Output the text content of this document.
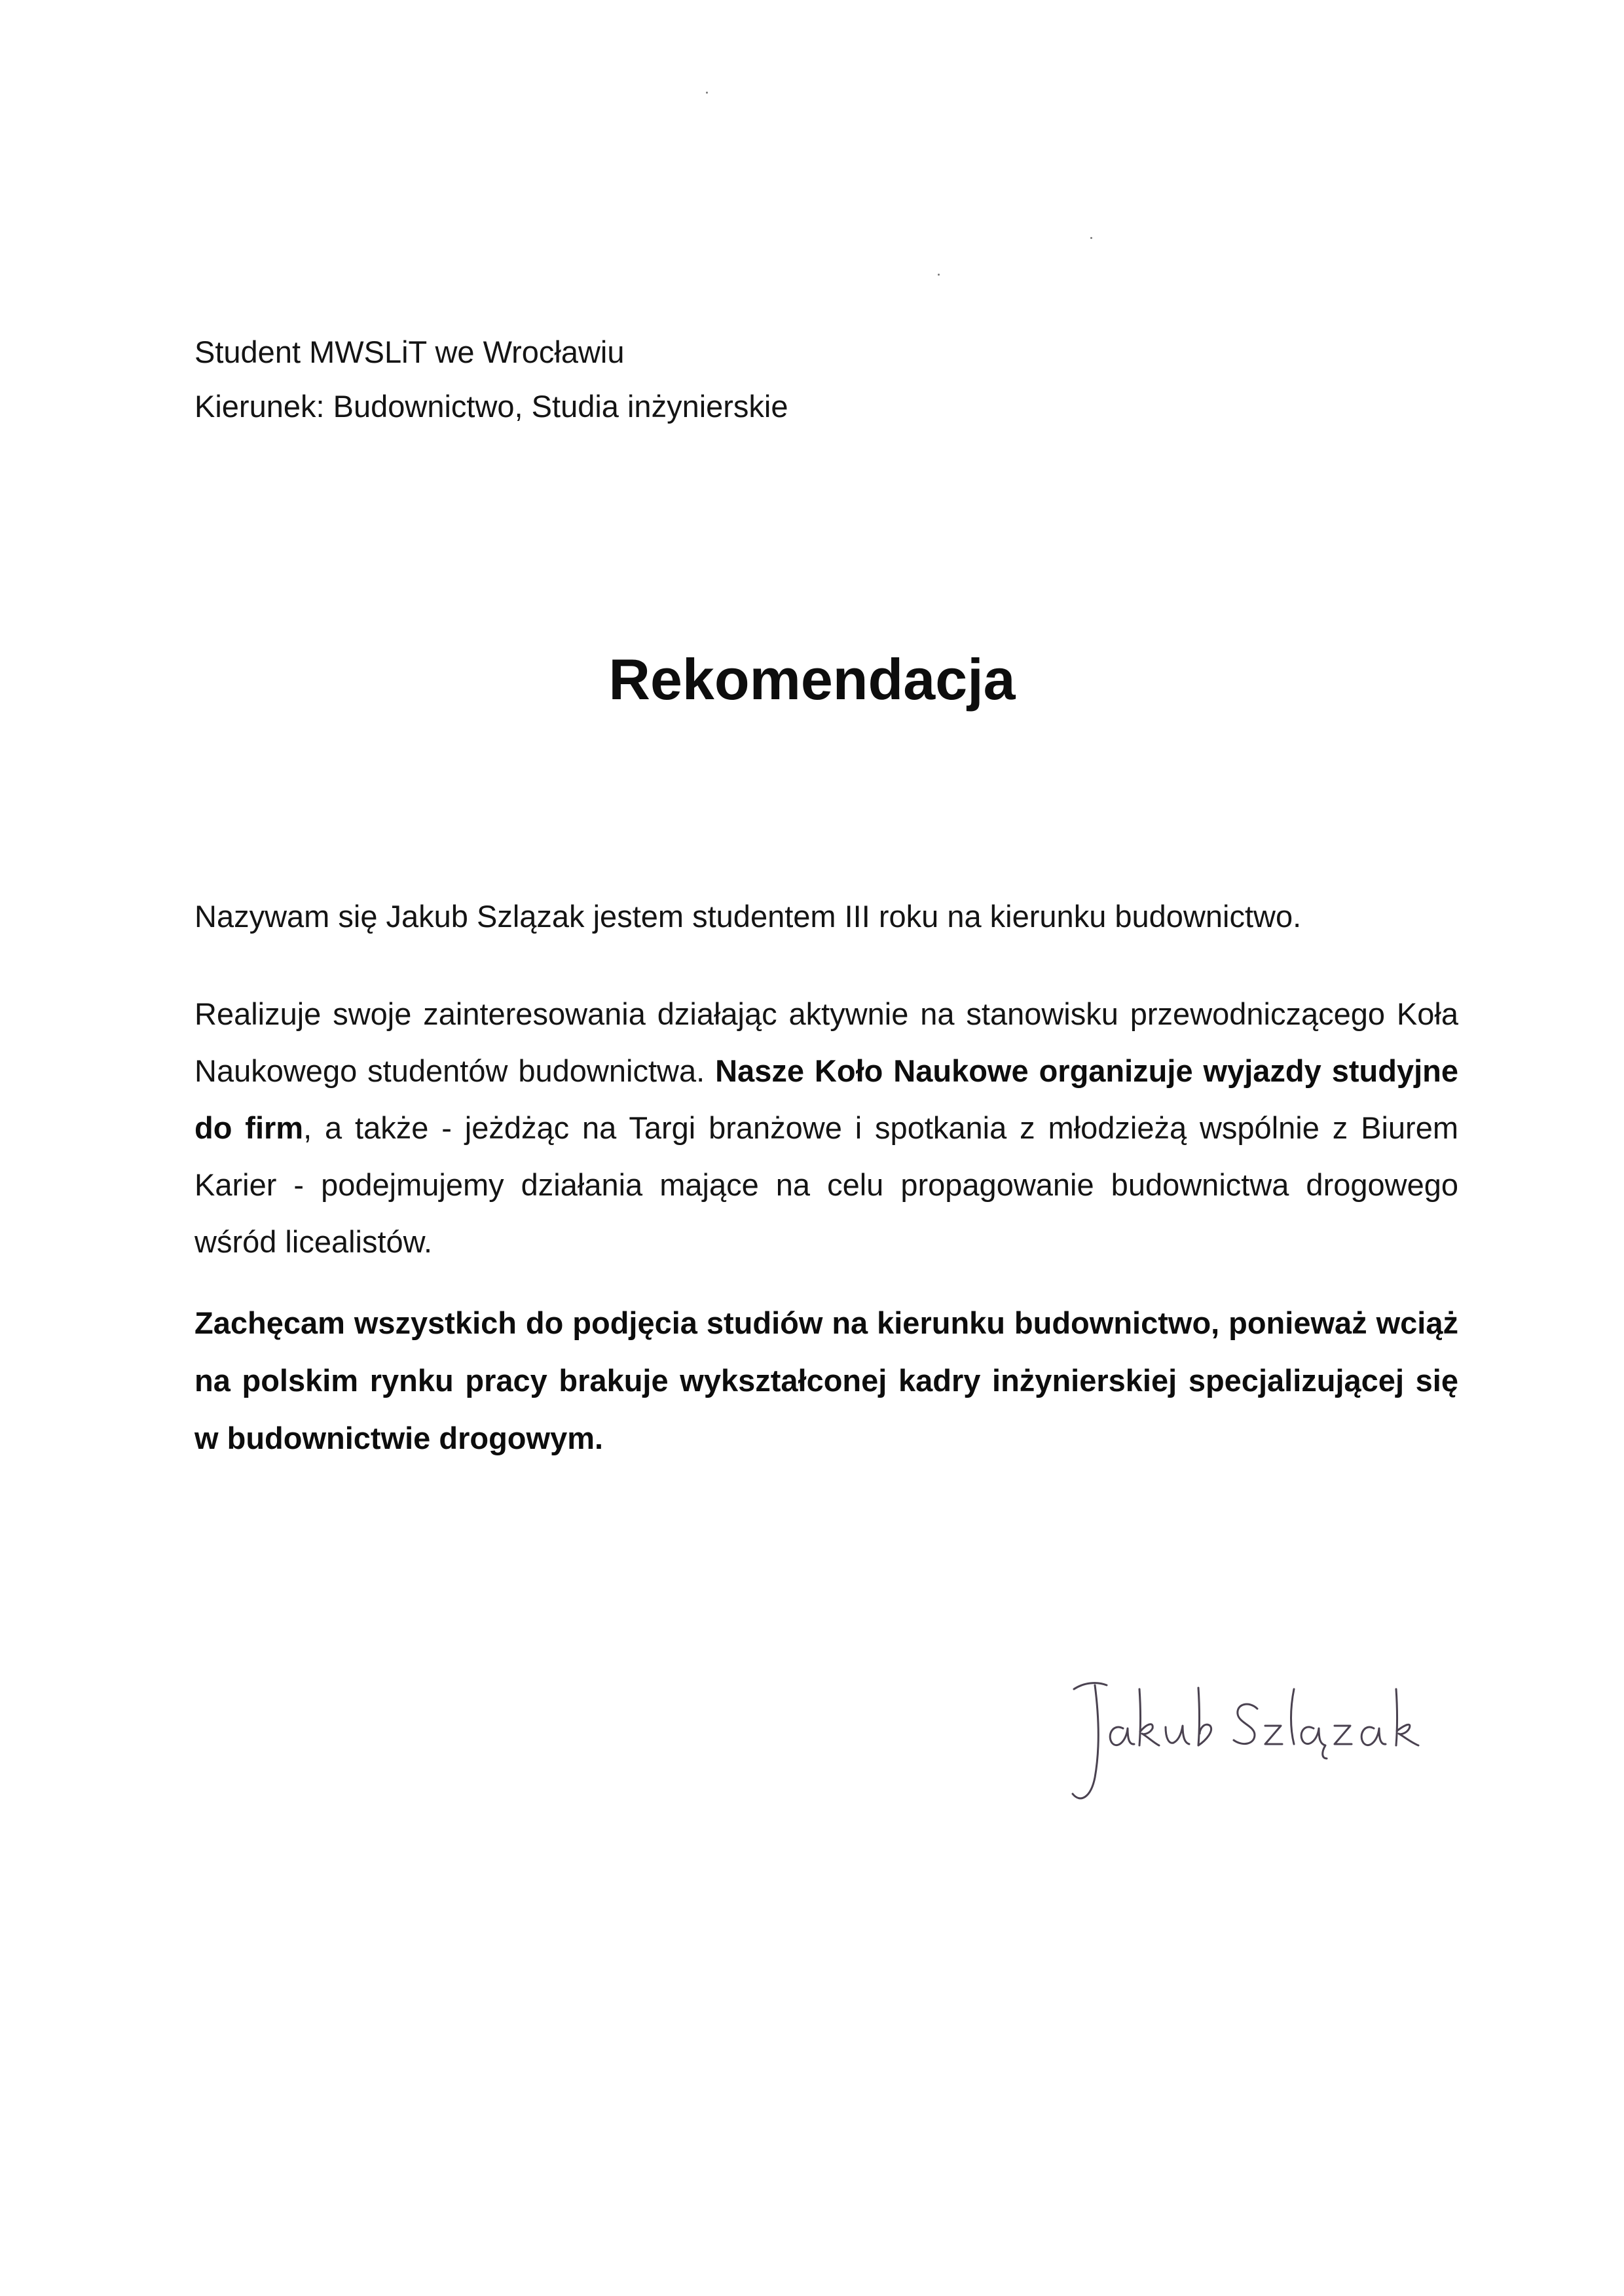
Student MWSLiT we Wrocławiu
Kierunek: Budownictwo, Studia inżynierskie
Rekomendacja
Nazywam się Jakub Szlązak jestem studentem III roku na kierunku budownictwo.
Realizuje swoje zainteresowania działając aktywnie na stanowisku przewodniczącego Koła Naukowego studentów budownictwa. Nasze Koło Naukowe organizuje wyjazdy studyjne do firm, a także - jeżdżąc na Targi branżowe i spotkania z młodzieżą wspólnie z Biurem Karier - podejmujemy działania mające na celu propagowanie budownictwa drogowego wśród licealistów.
Zachęcam wszystkich do podjęcia studiów na kierunku budownictwo, ponieważ wciąż na polskim rynku pracy brakuje wykształconej kadry inżynierskiej specjalizującej się w budownictwie drogowym.
